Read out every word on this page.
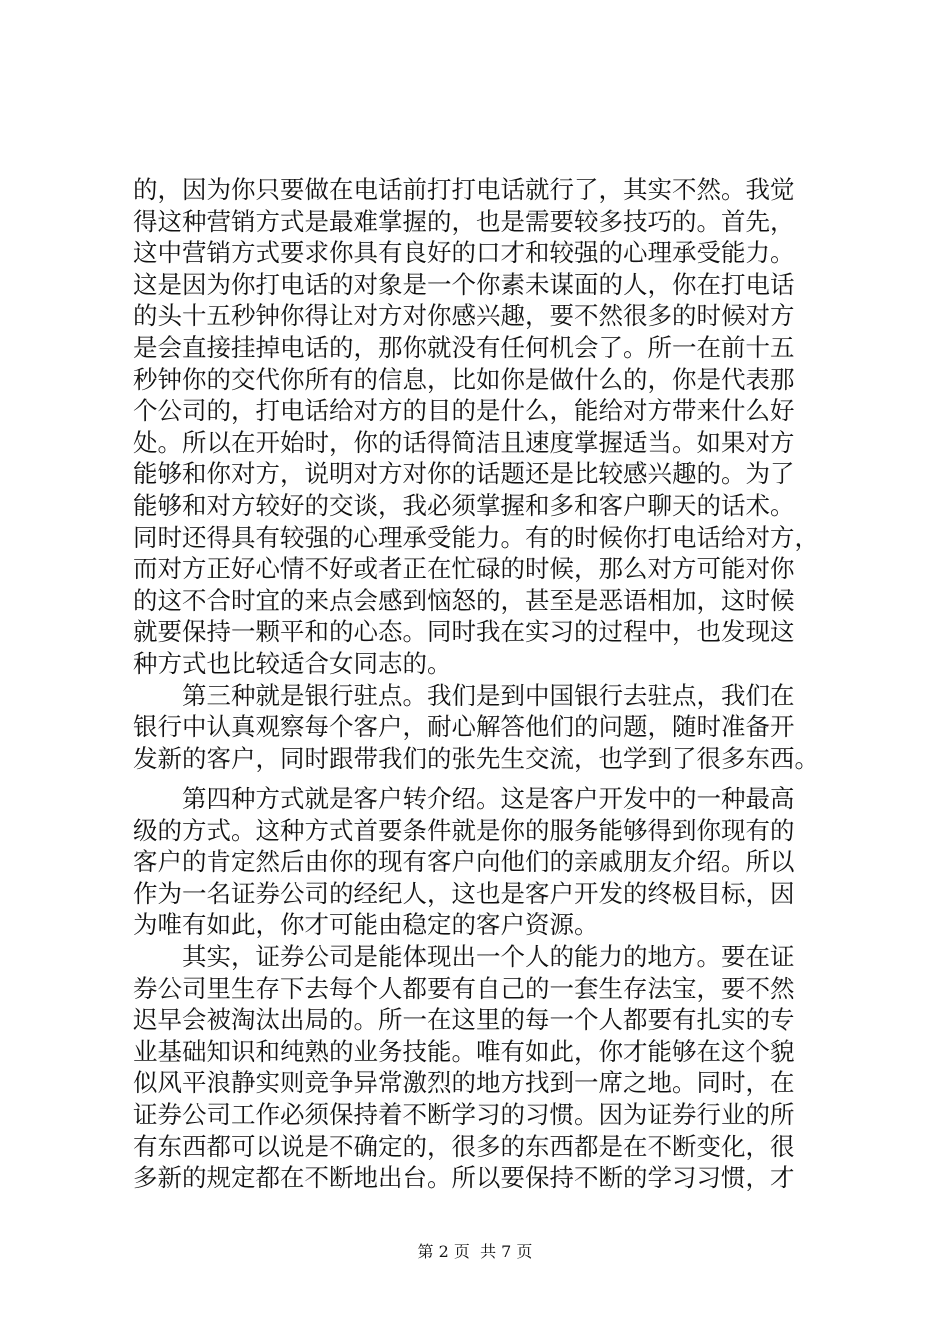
的，因为你只要做在电话前打打电话就行了，其实不然。我觉
得这种营销方式是最难掌握的，也是需要较多技巧的。首先，
这中营销方式要求你具有良好的口才和较强的心理承受能力。
这是因为你打电话的对象是一个你素未谋面的人，你在打电话
的头十五秒钟你得让对方对你感兴趣，要不然很多的时候对方
是会直接挂掉电话的，那你就没有任何机会了。所一在前十五
秒钟你的交代你所有的信息，比如你是做什么的，你是代表那
个公司的，打电话给对方的目的是什么，能给对方带来什么好
处。所以在开始时，你的话得简洁且速度掌握适当。如果对方
能够和你对方，说明对方对你的话题还是比较感兴趣的。为了
能够和对方较好的交谈，我必须掌握和多和客户聊天的话术。
同时还得具有较强的心理承受能力。有的时候你打电话给对方，
而对方正好心情不好或者正在忙碌的时候，那么对方可能对你
的这不合时宜的来点会感到恼怒的，甚至是恶语相加，这时候
就要保持一颗平和的心态。同时我在实习的过程中，也发现这
种方式也比较适合女同志的。
　　第三种就是银行驻点。我们是到中国银行去驻点，我们在
银行中认真观察每个客户，耐心解答他们的问题，随时准备开
发新的客户，同时跟带我们的张先生交流，也学到了很多东西。
　　第四种方式就是客户转介绍。这是客户开发中的一种最高
级的方式。这种方式首要条件就是你的服务能够得到你现有的
客户的肯定然后由你的现有客户向他们的亲戚朋友介绍。所以
作为一名证券公司的经纪人，这也是客户开发的终极目标，因
为唯有如此，你才可能由稳定的客户资源。
　　其实，证券公司是能体现出一个人的能力的地方。要在证
券公司里生存下去每个人都要有自己的一套生存法宝，要不然
迟早会被淘汰出局的。所一在这里的每一个人都要有扎实的专
业基础知识和纯熟的业务技能。唯有如此，你才能够在这个貌
似风平浪静实则竞争异常激烈的地方找到一席之地。同时，在
证券公司工作必须保持着不断学习的习惯。因为证券行业的所
有东西都可以说是不确定的，很多的东西都是在不断变化，很
多新的规定都在不断地出台。所以要保持不断的学习习惯，才
第 2 页  共 7 页
